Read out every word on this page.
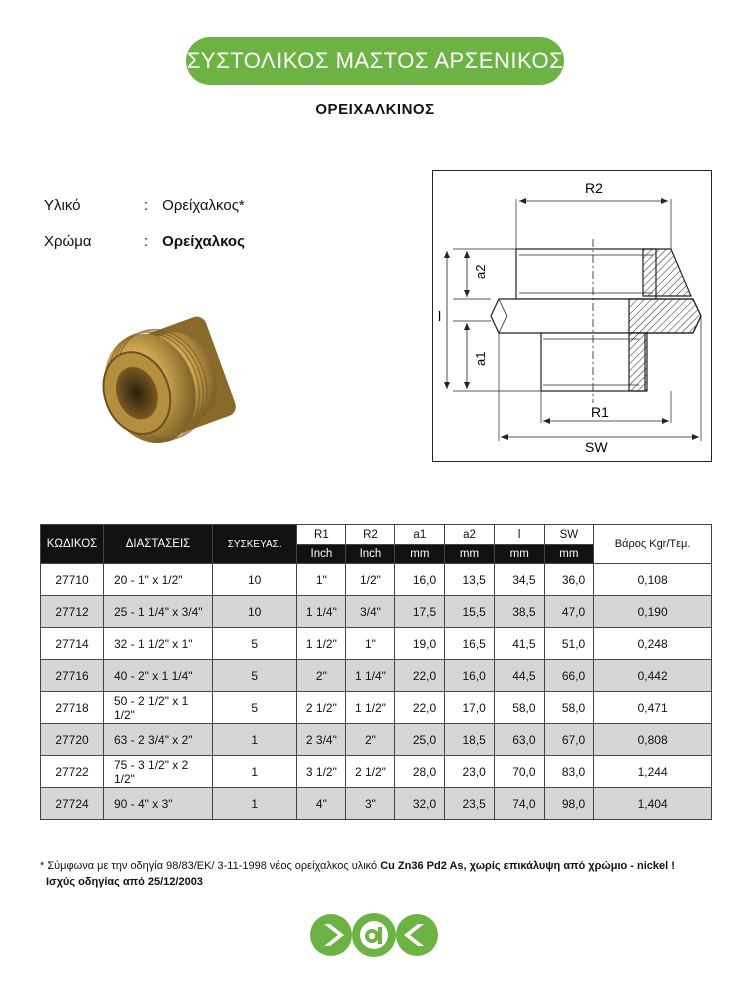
ΣΥΣΤΟΛΙΚΟΣ ΜΑΣΤΟΣ ΑΡΣΕΝΙΚΟΣ
ΟΡΕΙΧΑΛΚΙΝΟΣ
Υλικό	: Ορείχαλκος*
Χρώμα	: Ορείχαλκος
R2
a2
l
a1
R1
SW
ΚΩΔΙΚΟΣ	ΔΙΑΣΤΑΣΕΙΣ	ΣΥΣΚΕΥΑΣ.	R1	R2	a1	a2	l	SW	Βάρος Kgr/Tεμ.
			Inch	Inch	mm	mm	mm	mm	
27710	20 - 1" x 1/2"	10	1"	1/2"	16,0	13,5	34,5	36,0	0,108
27712	25 - 1 1/4" x 3/4"	10	1 1/4"	3/4"	17,5	15,5	38,5	47,0	0,190
27714	32 - 1 1/2" x 1"	5	1 1/2"	1"	19,0	16,5	41,5	51,0	0,248
27716	40 - 2" x 1 1/4"	5	2"	1 1/4"	22,0	16,0	44,5	66,0	0,442
27718	50 - 2 1/2" x 1 1/2"	5	2 1/2"	1 1/2"	22,0	17,0	58,0	58,0	0,471
27720	63 - 2 3/4" x 2"	1	2 3/4"	2"	25,0	18,5	63,0	67,0	0,808
27722	75 - 3 1/2" x 2 1/2"	1	3 1/2"	2 1/2"	28,0	23,0	70,0	83,0	1,244
27724	90 - 4" x 3"	1	4"	3"	32,0	23,5	74,0	98,0	1,404
* Σύμφωνα με την οδηγία 98/83/ΕΚ/ 3-11-1998 νέος ορείχαλκος υλικό Cu Zn36 Pd2 As, χωρίς επικάλυψη από χρώμιο - nickel !
Ισχύς οδηγίας από 25/12/2003
